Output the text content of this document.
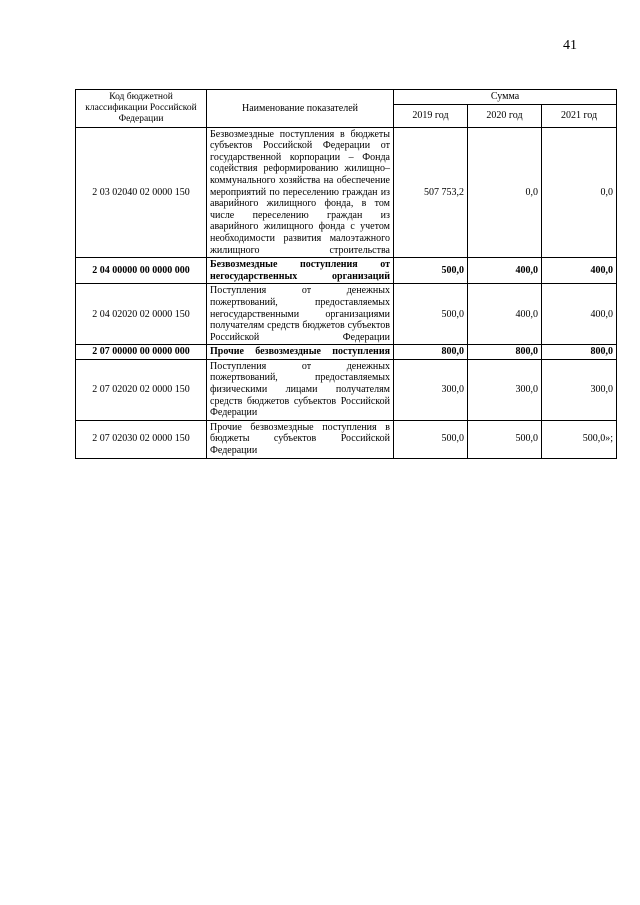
41
Код бюджетной классификации Российской Федерации	Наименование показателей	Сумма		
		2019 год	2020 год	2021 год
2 03 02040 02 0000 150	Безвозмездные поступления в бюджеты субъектов Российской Федерации от государственной корпорации – Фонда содействия реформированию жилищно–коммунального хозяйства на обеспечение мероприятий по переселению граждан из аварийного жилищного фонда, в том числе переселению граждан из аварийного жилищного фонда с учетом необходимости развития малоэтажного жилищного строительства	507 753,2	0,0	0,0
2 04 00000 00 0000 000	Безвозмездные поступления от негосударственных организаций	500,0	400,0	400,0
2 04 02020 02 0000 150	Поступления от денежных пожертвований, предоставляемых негосударственными организациями получателям средств бюджетов субъектов Российской Федерации	500,0	400,0	400,0
2 07 00000 00 0000 000	Прочие безвозмездные поступления	800,0	800,0	800,0
2 07 02020 02 0000 150	Поступления от денежных пожертвований, предоставляемых физическими лицами получателям средств бюджетов субъектов Российской Федерации	300,0	300,0	300,0
2 07 02030 02 0000 150	Прочие безвозмездные поступления в бюджеты субъектов Российской Федерации	500,0	500,0	500,0»;
